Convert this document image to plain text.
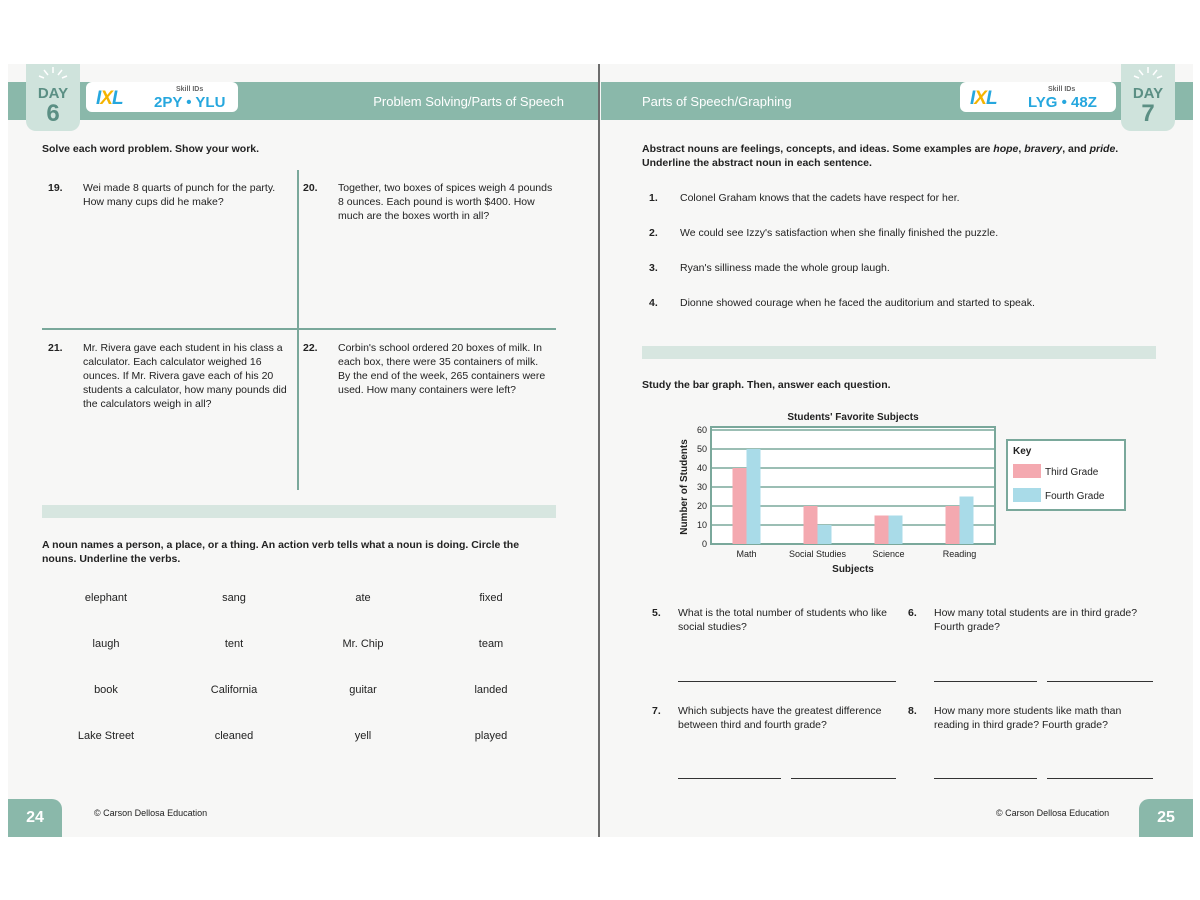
Problem Solving/Parts of Speech
DAY
6
IXL	Skill IDs
2PY • YLU
Solve each word problem. Show your work.
19. Wei made 8 quarts of punch for the party. How many cups did he make?
20. Together, two boxes of spices weigh 4 pounds 8 ounces. Each pound is worth $400. How much are the boxes worth in all?
21. Mr. Rivera gave each student in his class a calculator. Each calculator weighed 16 ounces. If Mr. Rivera gave each of his 20 students a calculator, how many pounds did the calculators weigh in all?
22. Corbin's school ordered 20 boxes of milk. In each box, there were 35 containers of milk. By the end of the week, 265 containers were used. How many containers were left?
A noun names a person, a place, or a thing. An action verb tells what a noun is doing. Circle the nouns. Underline the verbs.
elephant	sang	ate	fixed
laugh	tent	Mr. Chip	team
book	California	guitar	landed
Lake Street	cleaned	yell	played
24	© Carson Dellosa Education
Parts of Speech/Graphing	IXL	Skill IDs
LYG • 48Z
DAY
7
Abstract nouns are feelings, concepts, and ideas. Some examples are hope, bravery, and pride. Underline the abstract noun in each sentence.
1. Colonel Graham knows that the cadets have respect for her.
2. We could see Izzy's satisfaction when she finally finished the puzzle.
3. Ryan's silliness made the whole group laugh.
4. Dionne showed courage when he faced the auditorium and started to speak.
Study the bar graph. Then, answer each question.
0
10
20
30
40
50
60
Math	Social Studies	Science	Reading
Students' Favorite Subjects
Subjects
Number of Students	Key
Third Grade
Fourth Grade
5. What is the total number of students who like social studies?
6. How many total students are in third grade? Fourth grade?
7. Which subjects have the greatest difference between third and fourth grade?
8. How many more students like math than reading in third grade? Fourth grade?
© Carson Dellosa Education	25
